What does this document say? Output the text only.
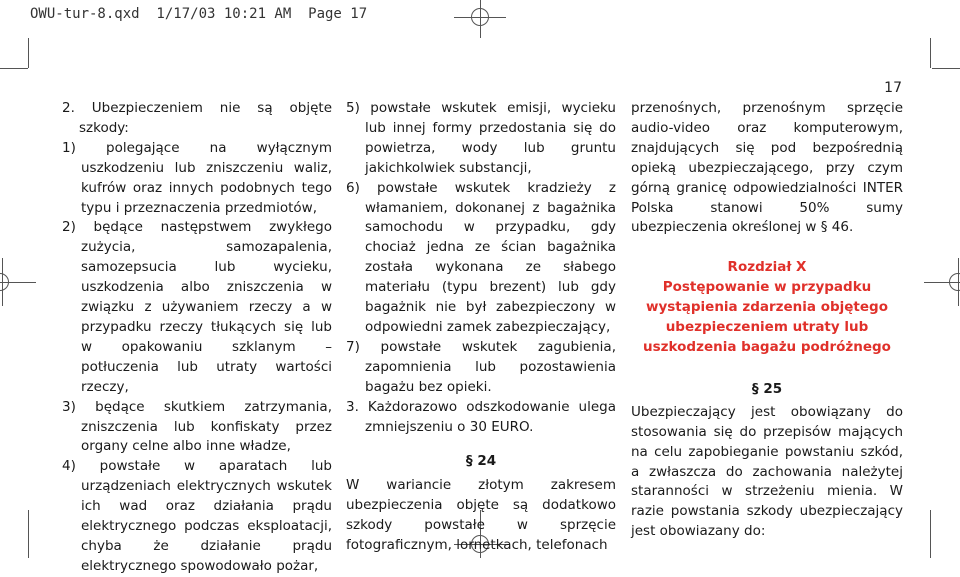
OWU-tur-8.qxd  1/17/03 10:21 AM  Page 17
17

2. Ubezpieczeniem nie są objęte szkody:

1) polegające na wyłącznym uszkodzeniu lub zniszczeniu waliz, kufrów oraz innych podobnych tego typu i przeznaczenia przedmiotów,

2) będące następstwem zwykłego zużycia, samozapalenia, samozepsucia lub wycieku, uszkodzenia albo zniszczenia w związku z używaniem rzeczy a w przypadku rzeczy tłukących się lub w opakowaniu szklanym – potłuczenia lub utraty wartości rzeczy,

3) będące skutkiem zatrzymania, zniszczenia lub konfiskaty przez organy celne albo inne władze,

4) powstałe w aparatach lub urządzeniach elektrycznych wskutek ich wad oraz działania prądu elektrycznego podczas eksploatacji, chyba że działanie prądu elektrycznego spowodowało pożar,

5) powstałe wskutek emisji, wycieku lub innej formy przedostania się do powietrza, wody lub gruntu jakichkolwiek substancji,

6) powstałe wskutek kradzieży z włamaniem, dokonanej z bagażnika samochodu w przypadku, gdy chociaż jedna ze ścian bagażnika została wykonana ze słabego materiału (typu brezent) lub gdy bagażnik nie był zabezpieczony w odpowiedni zamek zabezpieczający,

7) powstałe wskutek zagubienia, zapomnienia lub pozostawienia bagażu bez opieki.

3. Każdorazowo odszkodowanie ulega zmniejszeniu o 30 EURO.

§ 24

W wariancie złotym zakresem ubezpieczenia objęte są dodatkowo szkody powstałe w sprzęcie fotograficznym, lornetkach, telefonach

przenośnych, przenośnym sprzęcie audio-video oraz komputerowym, znajdujących się pod bezpośrednią opieką ubezpieczającego, przy czym górną granicę odpowiedzialności INTER Polska stanowi 50% sumy ubezpieczenia określonej w § 46.

Rozdział X
Postępowanie w przypadku
wystąpienia zdarzenia objętego
ubezpieczeniem utraty lub
uszkodzenia bagażu podróżnego

§ 25

Ubezpieczający jest obowiązany do stosowania się do przepisów mających na celu zapobieganie powstaniu szkód, a zwłaszcza do zachowania należytej staranności w strzeżeniu mienia. W razie powstania szkody ubezpieczający jest obowiazany do:
